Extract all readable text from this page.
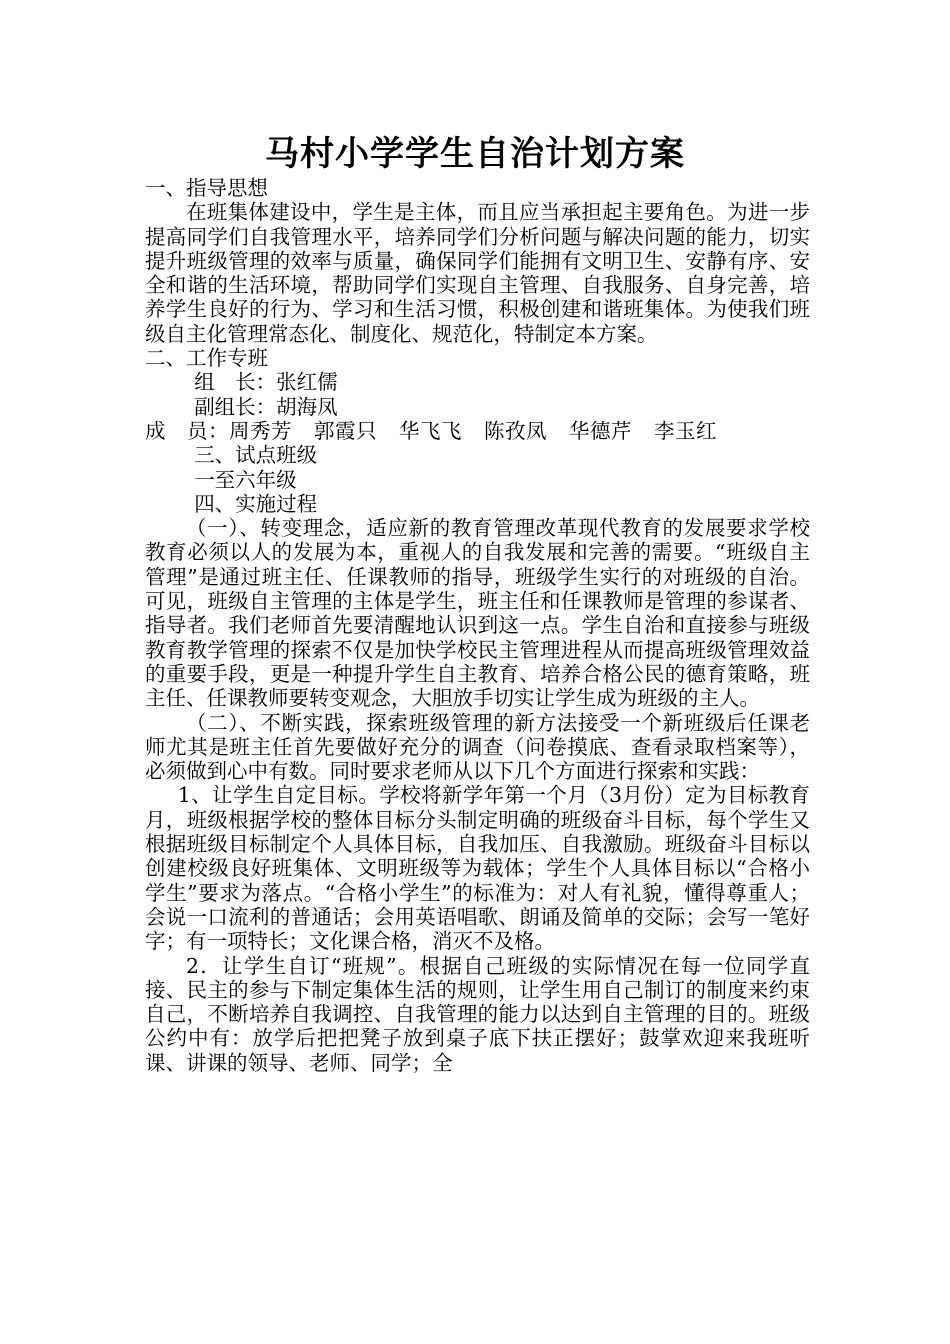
马村小学学生自治计划方案

一、指导思想

在班集体建设中，学生是主体，而且应当承担起主要角色。为进一步提高同学们自我管理水平，培养同学们分析问题与解决问题的能力，切实提升班级管理的效率与质量，确保同学们能拥有文明卫生、安静有序、安全和谐的生活环境，帮助同学们实现自主管理、自我服务、自身完善，培养学生良好的行为、学习和生活习惯，积极创建和谐班集体。为使我们班级自主化管理常态化、制度化、规范化，特制定本方案。

二、工作专班

组　长：张红儒

副组长：胡海凤

成　员：周秀芳 郭霞只 华飞飞 陈孜凤 华德芹 李玉红

三、试点班级

一至六年级

四、实施过程

（一）、转变理念，适应新的教育管理改革现代教育的发展要求学校教育必须以人的发展为本，重视人的自我发展和完善的需要。“班级自主管理”是通过班主任、任课教师的指导，班级学生实行的对班级的自治。可见，班级自主管理的主体是学生，班主任和任课教师是管理的参谋者、指导者。我们老师首先要清醒地认识到这一点。学生自治和直接参与班级教育教学管理的探索不仅是加快学校民主管理进程从而提高班级管理效益的重要手段，更是一种提升学生自主教育、培养合格公民的德育策略，班主任、任课教师要转变观念，大胆放手切实让学生成为班级的主人。

（二）、不断实践，探索班级管理的新方法接受一个新班级后任课老师尤其是班主任首先要做好充分的调查（问卷摸底、查看录取档案等），必须做到心中有数。同时要求老师从以下几个方面进行探索和实践：

1、让学生自定目标。学校将新学年第一个月（3月份）定为目标教育月，班级根据学校的整体目标分头制定明确的班级奋斗目标，每个学生又根据班级目标制定个人具体目标，自我加压、自我激励。班级奋斗目标以创建校级良好班集体、文明班级等为载体；学生个人具体目标以“合格小学生”要求为落点。“合格小学生”的标准为：对人有礼貌，懂得尊重人；会说一口流利的普通话；会用英语唱歌、朗诵及简单的交际；会写一笔好字；有一项特长；文化课合格，消灭不及格。

2．让学生自订“班规”。根据自己班级的实际情况在每一位同学直接、民主的参与下制定集体生活的规则，让学生用自己制订的制度来约束自己，不断培养自我调控、自我管理的能力以达到自主管理的目的。班级公约中有：放学后把把凳子放到桌子底下扶正摆好；鼓掌欢迎来我班听课、讲课的领导、老师、同学；全
